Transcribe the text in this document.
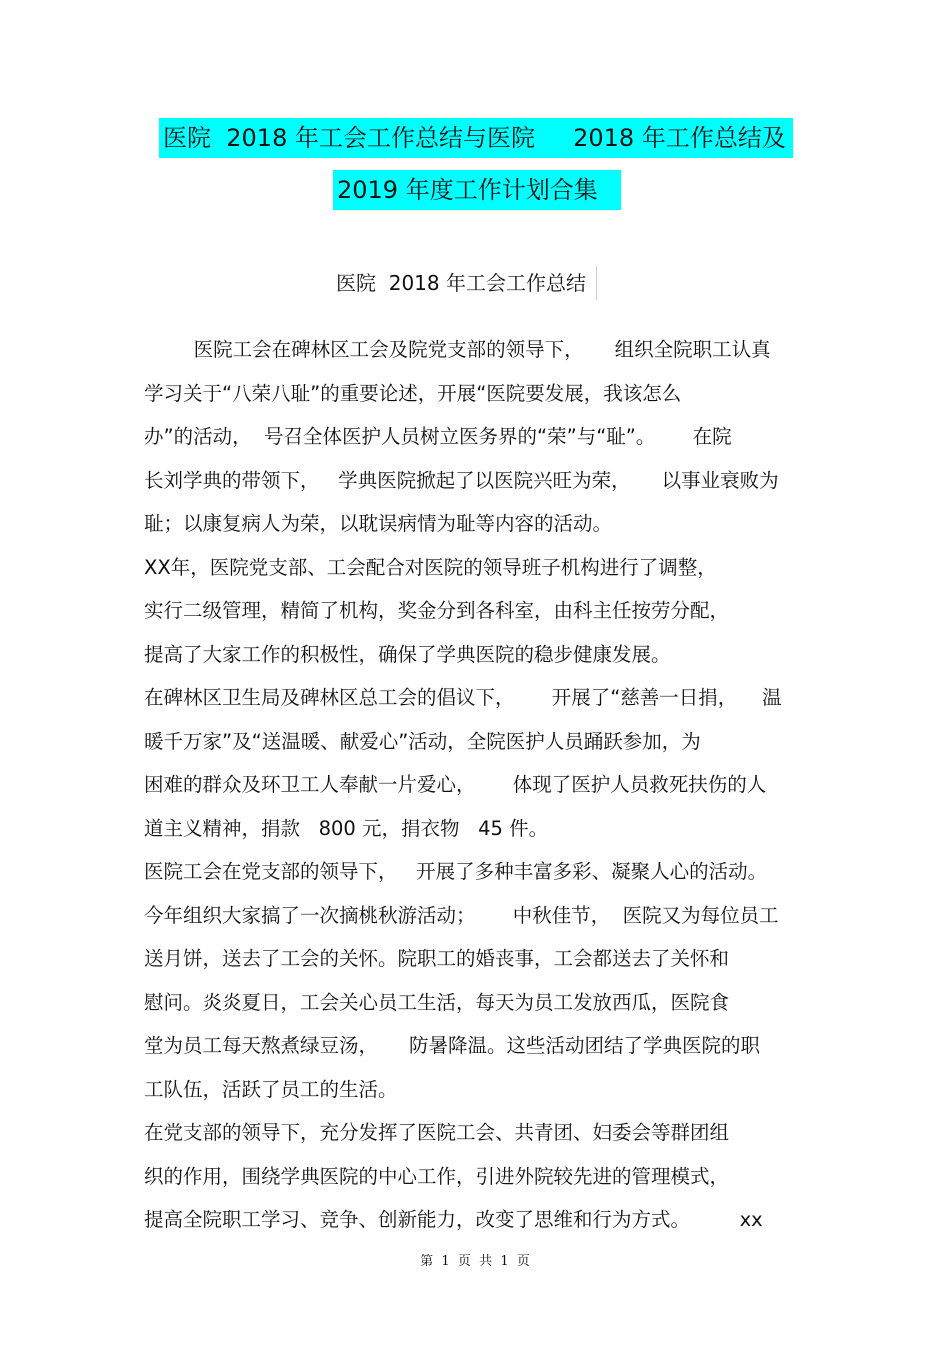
医院  2018 年工会工作总结与医院     2018 年工作总结及
2019 年度工作计划合集
医院  2018 年工会工作总结
医院工会在碑林区工会及院党支部的领导下，     组织全院职工认真
学习关于“八荣八耻”的重要论述，开展“医院要发展，我该怎么
办”的活动，  号召全体医护人员树立医务界的“荣”与“耻”。      在院
长刘学典的带领下，   学典医院掀起了以医院兴旺为荣，     以事业衰败为
耻；以康复病人为荣，以耽误病情为耻等内容的活动。
XX年，医院党支部、工会配合对医院的领导班子机构进行了调整，
实行二级管理，精简了机构，奖金分到各科室，由科主任按劳分配，
提高了大家工作的积极性，确保了学典医院的稳步健康发展。
在碑林区卫生局及碑林区总工会的倡议下，      开展了“慈善一日捐，    温
暖千万家”及“送温暖、献爱心”活动，全院医护人员踊跃参加，为
困难的群众及环卫工人奉献一片爱心，      体现了医护人员救死扶伤的人
道主义精神，捐款   800 元，捐衣物   45 件。
医院工会在党支部的领导下，   开展了多种丰富多彩、凝聚人心的活动。
今年组织大家搞了一次摘桃秋游活动；      中秋佳节，  医院又为每位员工
送月饼，送去了工会的关怀。院职工的婚丧事，工会都送去了关怀和
慰问。炎炎夏日，工会关心员工生活，每天为员工发放西瓜，医院食
堂为员工每天熬煮绿豆汤，     防暑降温。这些活动团结了学典医院的职
工队伍，活跃了员工的生活。
在党支部的领导下，充分发挥了医院工会、共青团、妇委会等群团组
织的作用，围绕学典医院的中心工作，引进外院较先进的管理模式，
提高全院职工学习、竞争、创新能力，改变了思维和行为方式。        xx
第  1  页  共  1  页
